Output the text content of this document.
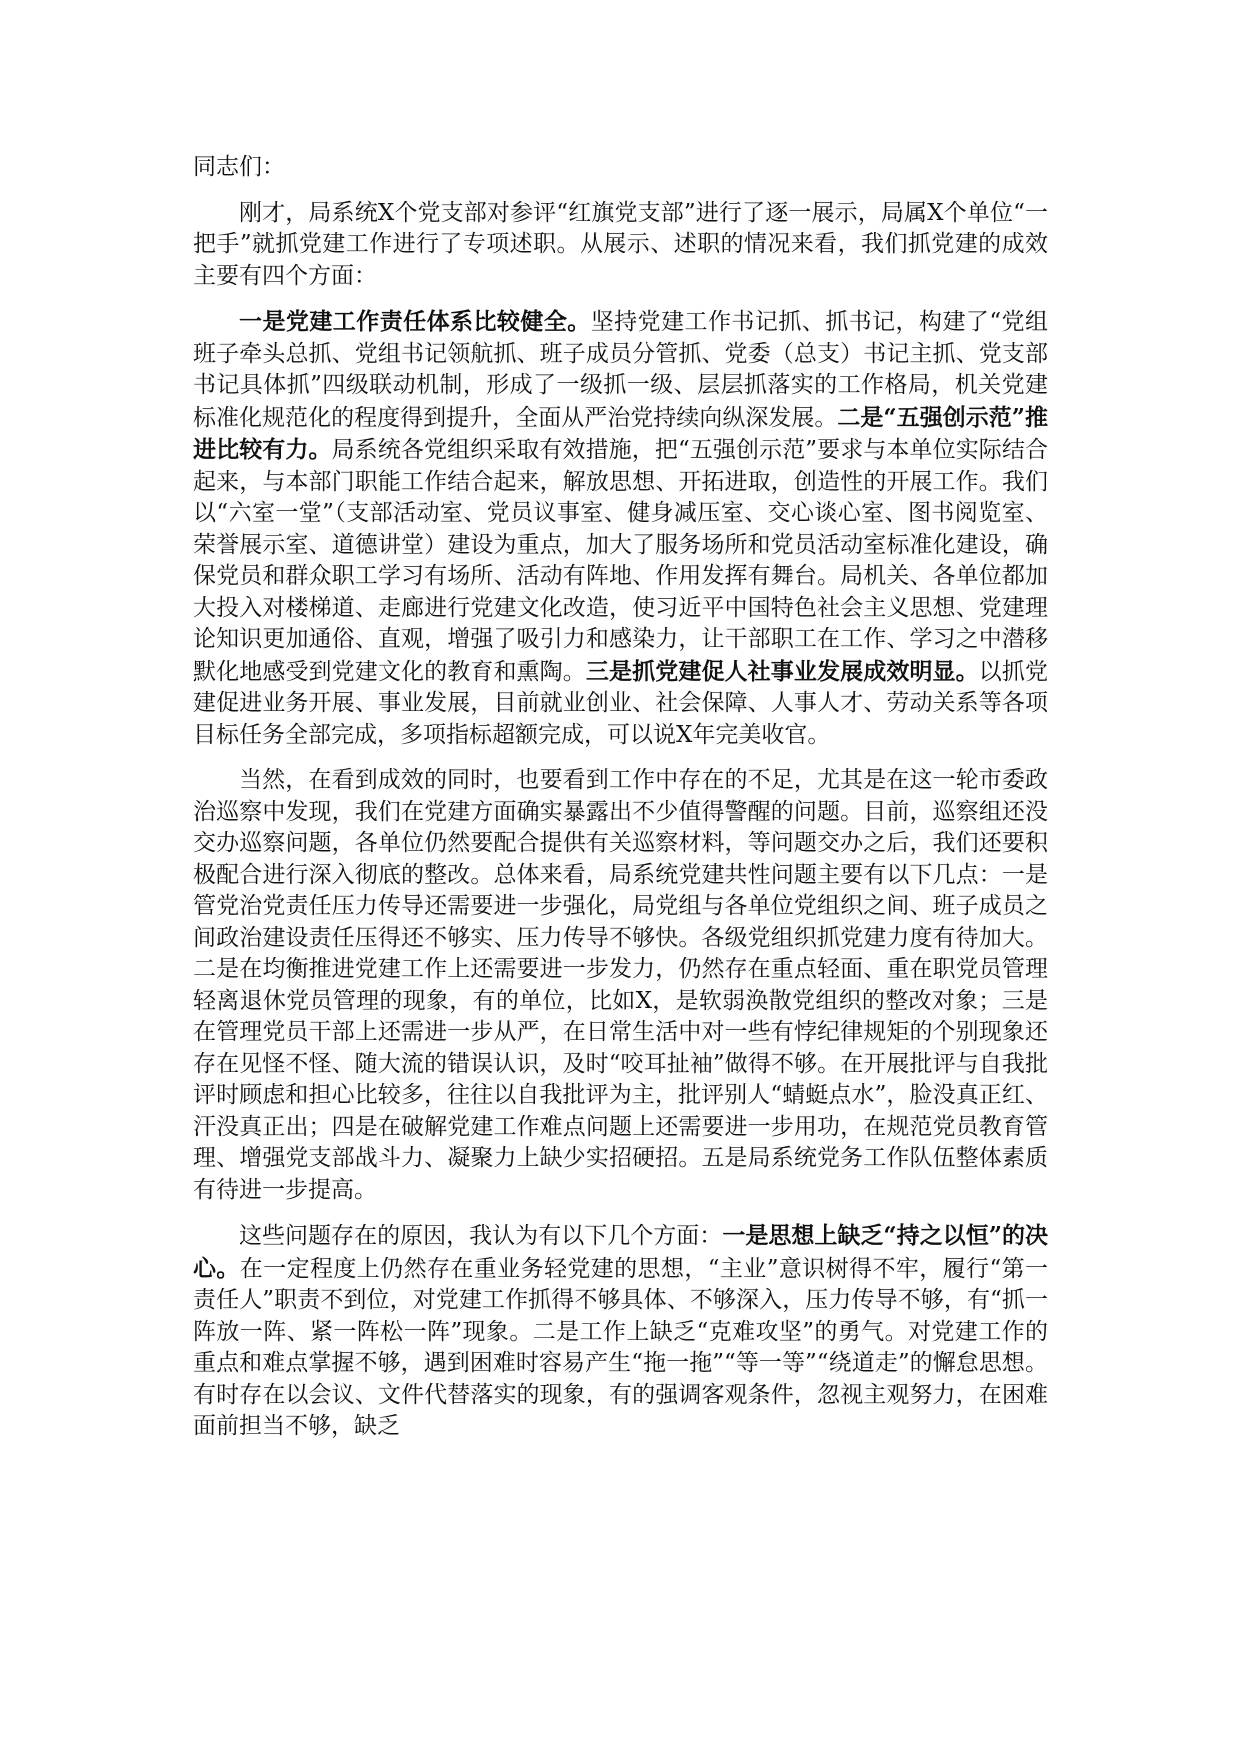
同志们：

刚才，局系统X个党支部对参评“红旗党支部”进行了逐一展示，局属X个单位“一把手”就抓党建工作进行了专项述职。从展示、述职的情况来看，我们抓党建的成效主要有四个方面：

一是党建工作责任体系比较健全。坚持党建工作书记抓、抓书记，构建了“党组班子牵头总抓、党组书记领航抓、班子成员分管抓、党委（总支）书记主抓、党支部书记具体抓”四级联动机制，形成了一级抓一级、层层抓落实的工作格局，机关党建标准化规范化的程度得到提升，全面从严治党持续向纵深发展。二是“五强创示范”推进比较有力。局系统各党组织采取有效措施，把“五强创示范”要求与本单位实际结合起来，与本部门职能工作结合起来，解放思想、开拓进取，创造性的开展工作。我们以“六室一堂”（支部活动室、党员议事室、健身减压室、交心谈心室、图书阅览室、荣誉展示室、道德讲堂）建设为重点，加大了服务场所和党员活动室标准化建设，确保党员和群众职工学习有场所、活动有阵地、作用发挥有舞台。局机关、各单位都加大投入对楼梯道、走廊进行党建文化改造，使习近平中国特色社会主义思想、党建理论知识更加通俗、直观，增强了吸引力和感染力，让干部职工在工作、学习之中潜移默化地感受到党建文化的教育和熏陶。三是抓党建促人社事业发展成效明显。以抓党建促进业务开展、事业发展，目前就业创业、社会保障、人事人才、劳动关系等各项目标任务全部完成，多项指标超额完成，可以说X年完美收官。

当然，在看到成效的同时，也要看到工作中存在的不足，尤其是在这一轮市委政治巡察中发现，我们在党建方面确实暴露出不少值得警醒的问题。目前，巡察组还没交办巡察问题，各单位仍然要配合提供有关巡察材料，等问题交办之后，我们还要积极配合进行深入彻底的整改。总体来看，局系统党建共性问题主要有以下几点：一是管党治党责任压力传导还需要进一步强化，局党组与各单位党组织之间、班子成员之间政治建设责任压得还不够实、压力传导不够快。各级党组织抓党建力度有待加大。二是在均衡推进党建工作上还需要进一步发力，仍然存在重点轻面、重在职党员管理轻离退休党员管理的现象，有的单位，比如X，是软弱涣散党组织的整改对象；三是在管理党员干部上还需进一步从严，在日常生活中对一些有悖纪律规矩的个别现象还存在见怪不怪、随大流的错误认识，及时“咬耳扯袖”做得不够。在开展批评与自我批评时顾虑和担心比较多，往往以自我批评为主，批评别人“蜻蜓点水”，脸没真正红、汗没真正出；四是在破解党建工作难点问题上还需要进一步用功，在规范党员教育管理、增强党支部战斗力、凝聚力上缺少实招硬招。五是局系统党务工作队伍整体素质有待进一步提高。

这些问题存在的原因，我认为有以下几个方面：一是思想上缺乏“持之以恒”的决心。在一定程度上仍然存在重业务轻党建的思想，“主业”意识树得不牢，履行“第一责任人”职责不到位，对党建工作抓得不够具体、不够深入，压力传导不够，有“抓一阵放一阵、紧一阵松一阵”现象。二是工作上缺乏“克难攻坚”的勇气。对党建工作的重点和难点掌握不够，遇到困难时容易产生“拖一拖”“等一等”“绕道走”的懈怠思想。有时存在以会议、文件代替落实的现象，有的强调客观条件，忽视主观努力，在困难面前担当不够，缺乏
